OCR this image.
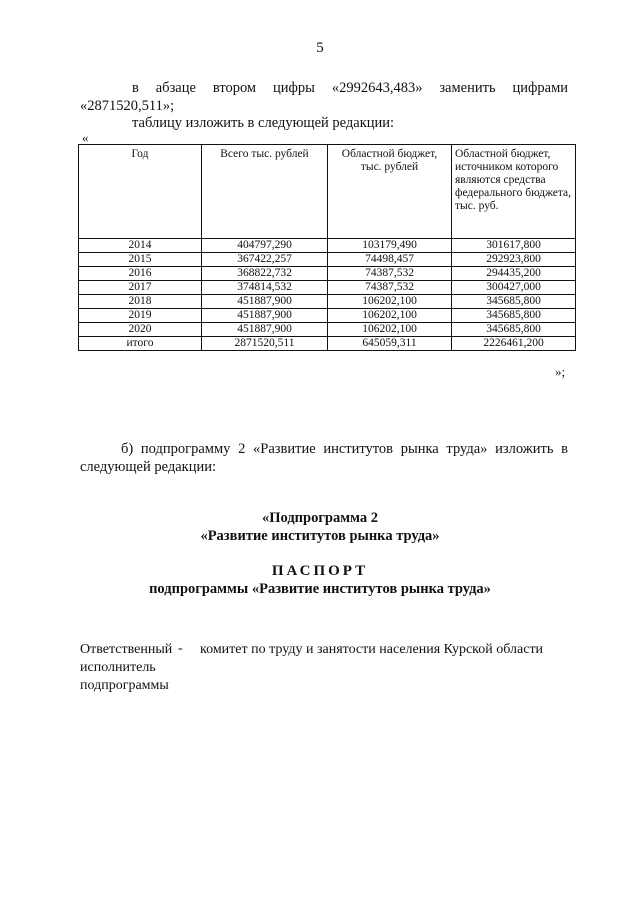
5
в абзаце втором цифры «2992643,483» заменить цифрами
«2871520,511»;
таблицу изложить в следующей редакции:
«
Год	Всего тыс. рублей	Областной бюджет, тыс. рублей	Областной бюджет, источником которого являются средства федерального бюджета, тыс. руб.
2014	404797,290	103179,490	301617,800
2015	367422,257	74498,457	292923,800
2016	368822,732	74387,532	294435,200
2017	374814,532	74387,532	300427,000
2018	451887,900	106202,100	345685,800
2019	451887,900	106202,100	345685,800
2020	451887,900	106202,100	345685,800
итого	2871520,511	645059,311	2226461,200
»;
б) подпрограмму 2 «Развитие институтов рынка труда» изложить в
следующей редакции:
«Подпрограмма 2
«Развитие институтов рынка труда»
ПАСПОРТ
подпрограммы «Развитие институтов рынка труда»
Ответственный исполнитель подпрограммы
- комитет по труду и занятости населения Курской области
